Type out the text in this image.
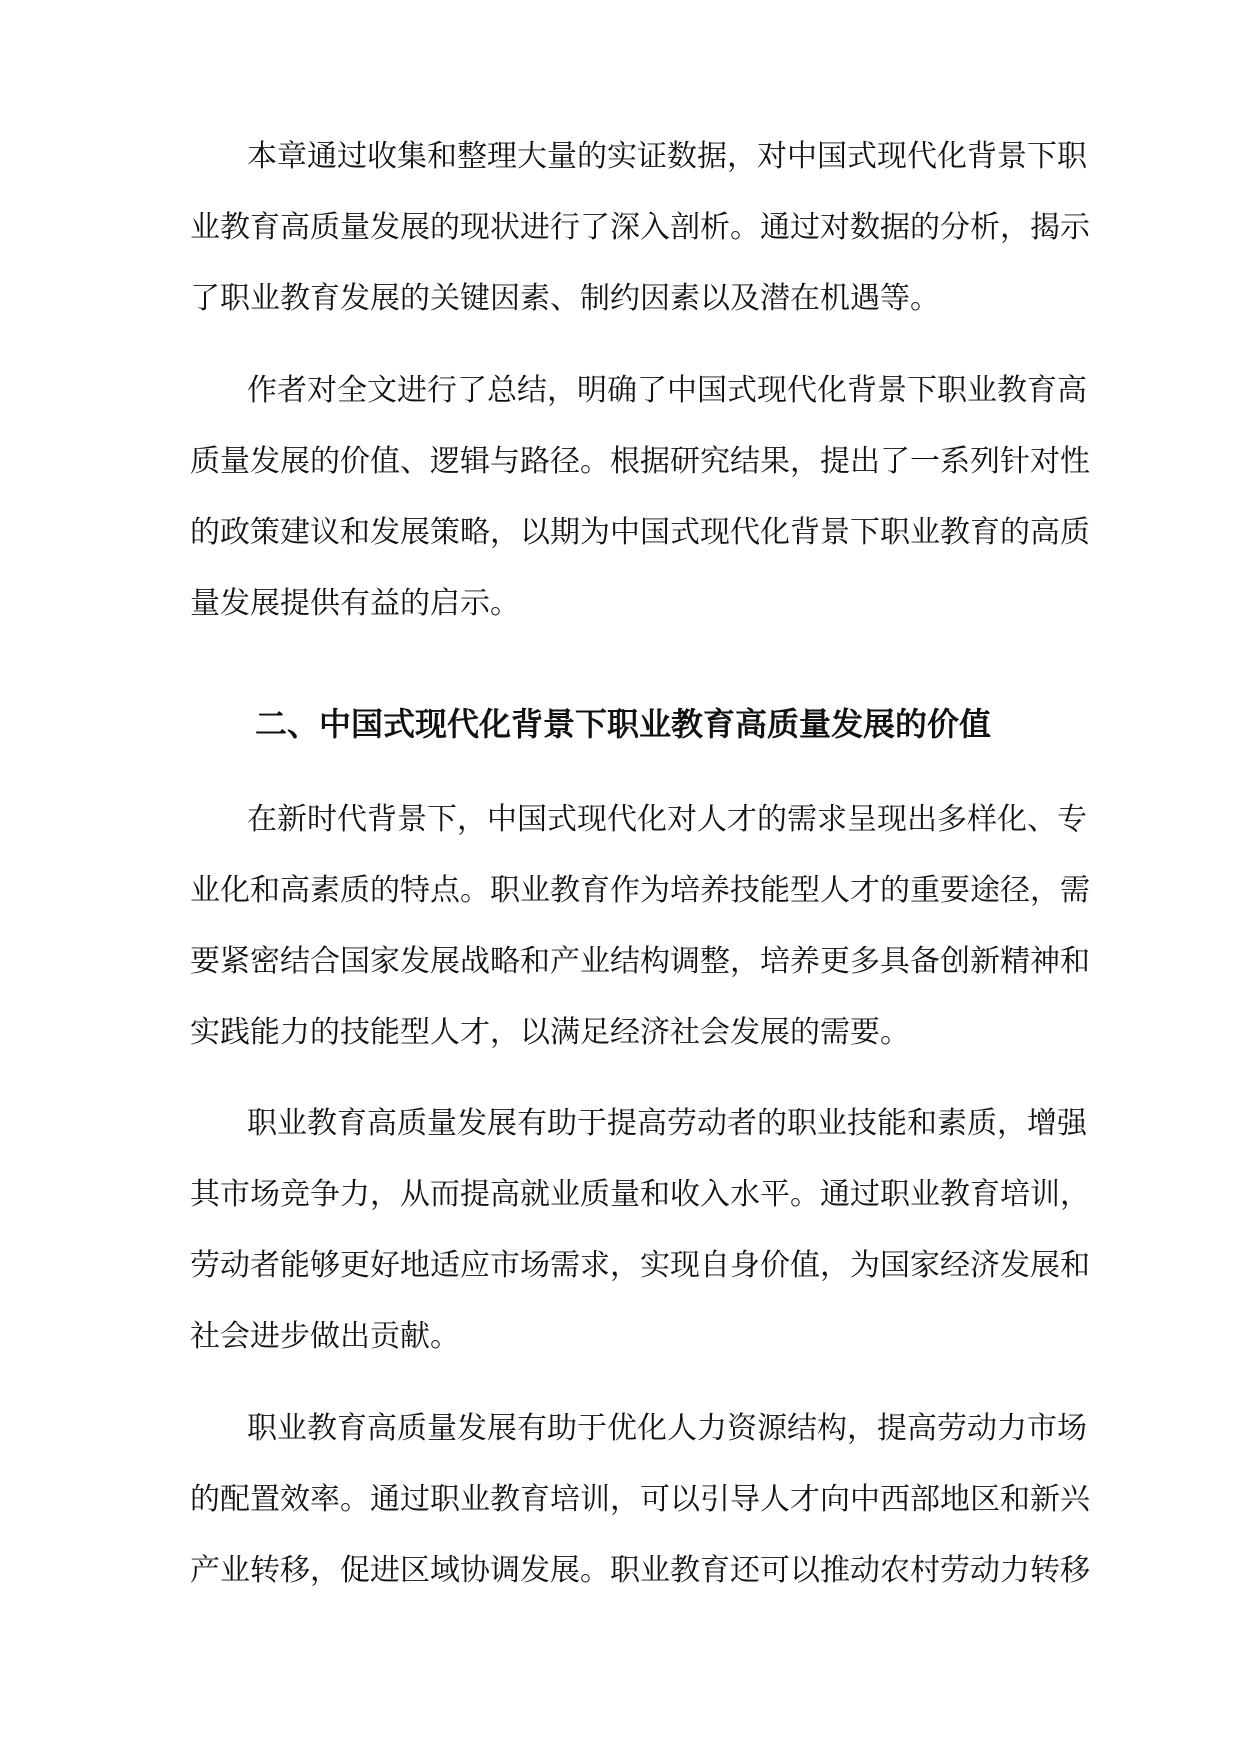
本章通过收集和整理大量的实证数据，对中国式现代化背景下职
业教育高质量发展的现状进行了深入剖析。通过对数据的分析，揭示
了职业教育发展的关键因素、制约因素以及潜在机遇等。
作者对全文进行了总结，明确了中国式现代化背景下职业教育高
质量发展的价值、逻辑与路径。根据研究结果，提出了一系列针对性
的政策建议和发展策略，以期为中国式现代化背景下职业教育的高质
量发展提供有益的启示。
二、中国式现代化背景下职业教育高质量发展的价值
在新时代背景下，中国式现代化对人才的需求呈现出多样化、专
业化和高素质的特点。职业教育作为培养技能型人才的重要途径，需
要紧密结合国家发展战略和产业结构调整，培养更多具备创新精神和
实践能力的技能型人才，以满足经济社会发展的需要。
职业教育高质量发展有助于提高劳动者的职业技能和素质，增强
其市场竞争力，从而提高就业质量和收入水平。通过职业教育培训，
劳动者能够更好地适应市场需求，实现自身价值，为国家经济发展和
社会进步做出贡献。
职业教育高质量发展有助于优化人力资源结构，提高劳动力市场
的配置效率。通过职业教育培训，可以引导人才向中西部地区和新兴
产业转移，促进区域协调发展。职业教育还可以推动农村劳动力转移
